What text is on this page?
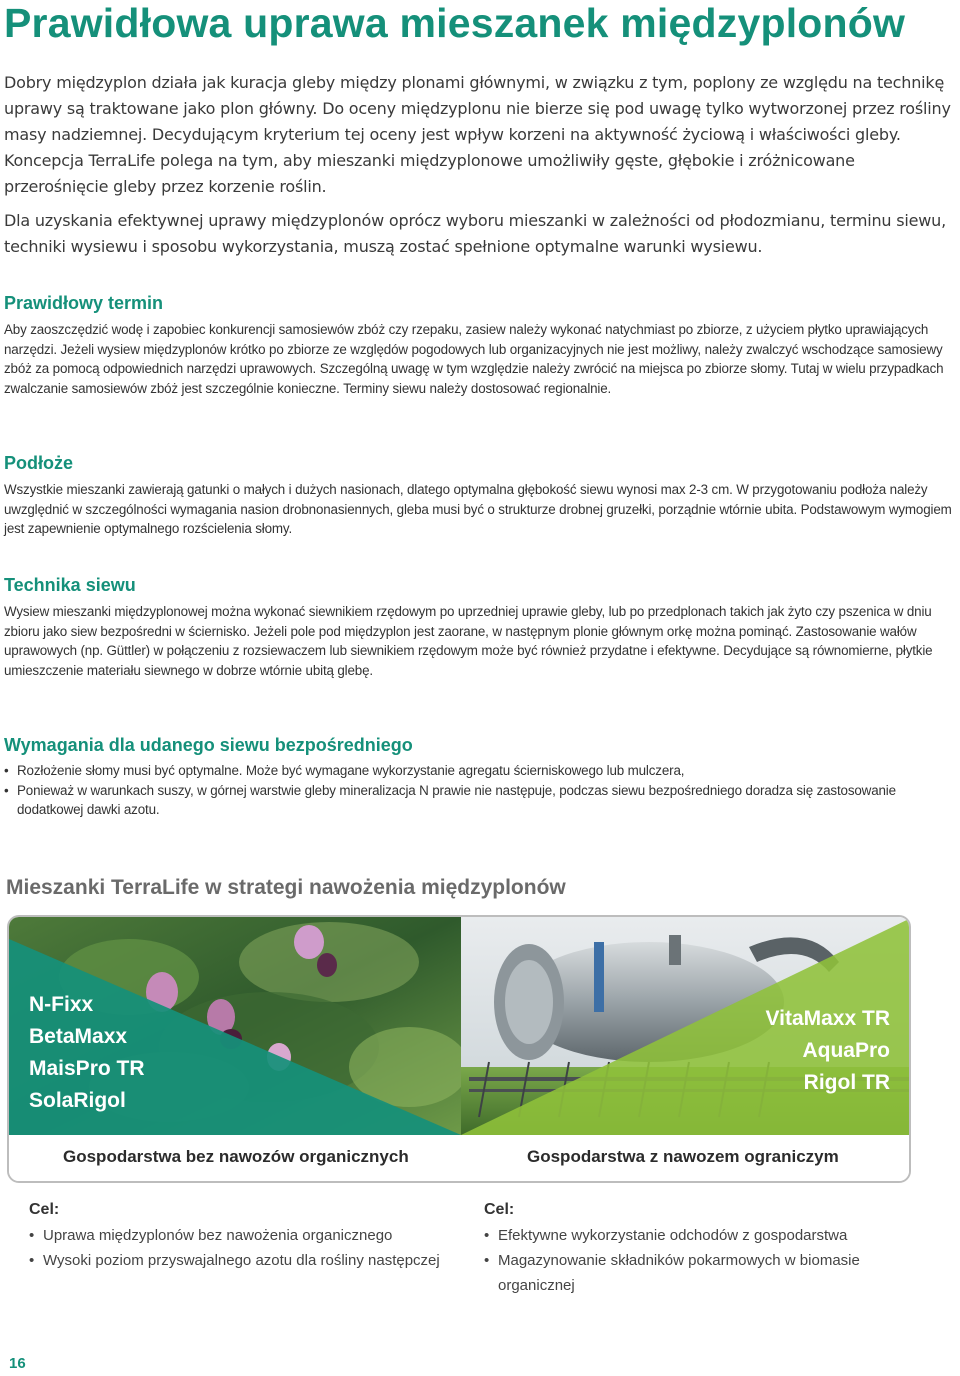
Prawidłowa uprawa mieszanek międzyplonów

Dobry międzyplon działa jak kuracja gleby między plonami głównymi, w związku z tym, poplony ze względu na technikę uprawy są traktowane jako plon główny. Do oceny międzyplonu nie bierze się pod uwagę tylko wytworzonej przez rośliny masy nadziemnej. Decydującym kryterium tej oceny jest wpływ korzeni na aktywność życiową i właściwości gleby. Koncepcja TerraLife polega na tym, aby mieszanki międzyplonowe umożliwiły gęste, głębokie i zróżnicowane przerośnięcie gleby przez korzenie roślin.

Dla uzyskania efektywnej uprawy międzyplonów oprócz wyboru mieszanki w zależności od płodozmianu, terminu siewu, techniki wysiewu i sposobu wykorzystania, muszą zostać spełnione optymalne warunki wysiewu.

Prawidłowy termin
Aby zaoszczędzić wodę i zapobiec konkurencji samosiewów zbóż czy rzepaku, zasiew należy wykonać natychmiast po zbiorze, z użyciem płytko uprawiających narzędzi. Jeżeli wysiew międzyplonów krótko po zbiorze ze względów pogodowych lub organizacyjnych nie jest możliwy, należy zwalczyć wschodzące samosiewy zbóż za pomocą odpowiednich narzędzi uprawowych. Szczególną uwagę w tym względzie należy zwrócić na miejsca po zbiorze słomy. Tutaj w wielu przypadkach zwalczanie samosiewów zbóż jest szczególnie konieczne. Terminy siewu należy dostosować regionalnie.
Podłoże
Wszystkie mieszanki zawierają gatunki o małych i dużych nasionach, dlatego optymalna głębokość siewu wynosi max 2-3 cm. W przygotowaniu podłoża należy uwzględnić w szczególności wymagania nasion drobnonasiennych, gleba musi być o strukturze drobnej gruzełki, porządnie wtórnie ubita. Podstawowym wymogiem jest zapewnienie optymalnego rozścielenia słomy.
Technika siewu
Wysiew mieszanki międzyplonowej można wykonać siewnikiem rzędowym po uprzedniej uprawie gleby, lub po przedplonach takich jak żyto czy pszenica w dniu zbioru jako siew bezpośredni w ściernisko. Jeżeli pole pod międzyplon jest zaorane, w następnym plonie głównym orkę można pominąć. Zastosowanie wałów uprawowych (np. Güttler) w połączeniu z rozsiewaczem lub siewnikiem rzędowym może być również przydatne i efektywne. Decydujące są równomierne, płytkie umieszczenie materiału siewnego w dobrze wtórnie ubitą glebę.
Wymagania dla udanego siewu bezpośredniego
• Rozłożenie słomy musi być optymalne. Może być wymagane wykorzystanie agregatu ścierniskowego lub mulczera,
• Ponieważ w warunkach suszy, w górnej warstwie gleby mineralizacja N prawie nie następuje, podczas siewu bezpośredniego doradza się zastosowanie dodatkowej dawki azotu.
Mieszanki TerraLife w strategi nawożenia międzyplonów
N-Fixx
BetaMaxx
MaisPro TR
SolaRigol
VitaMaxx TR
AquaPro
Rigol TR
Gospodarstwa bez nawozów organicznych	Gospodarstwa z nawozem ograniczym
Cel:
• Uprawa międzyplonów bez nawożenia organicznego
• Wysoki poziom przyswajalnego azotu dla rośliny następczej
Cel:
• Efektywne wykorzystanie odchodów z gospodarstwa
• Magazynowanie składników pokarmowych w biomasie organicznej
16
